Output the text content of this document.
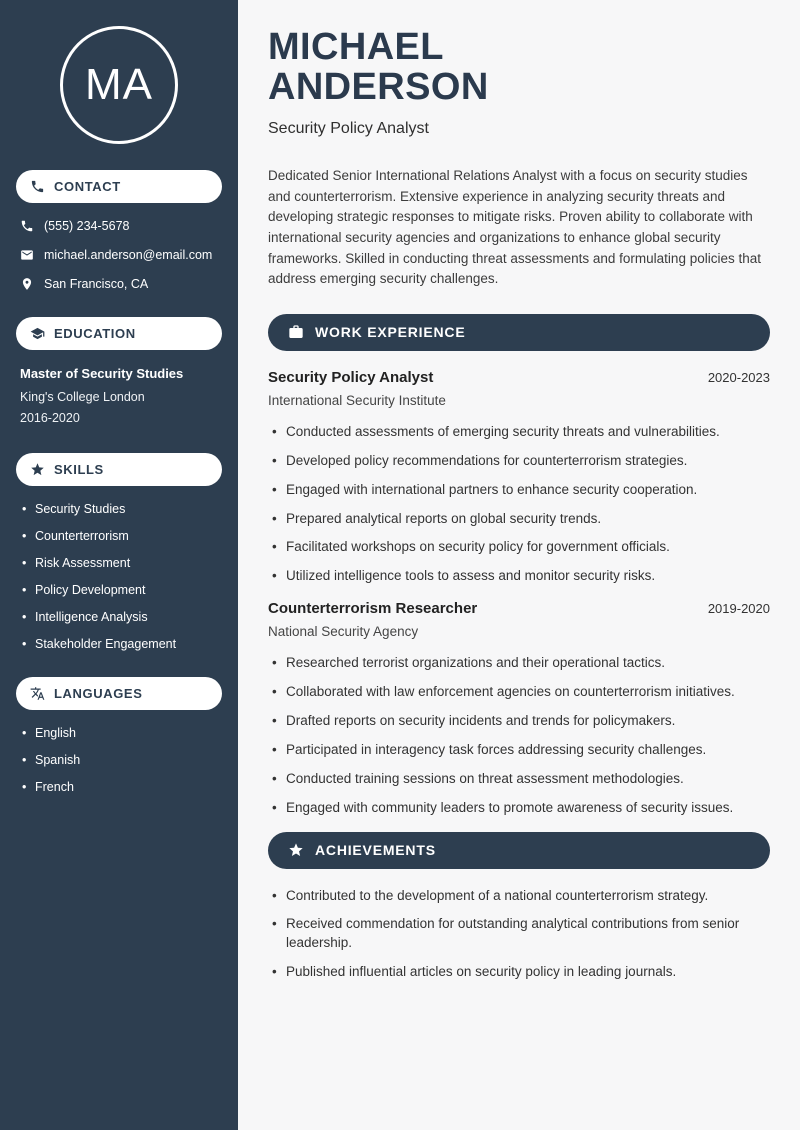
MA
CONTACT
(555) 234-5678
michael.anderson@email.com
San Francisco, CA
EDUCATION
Master of Security Studies
King's College London
2016-2020
SKILLS
• Security Studies
• Counterterrorism
• Risk Assessment
• Policy Development
• Intelligence Analysis
• Stakeholder Engagement
LANGUAGES
• English
• Spanish
• French
MICHAEL
ANDERSON
Security Policy Analyst

Dedicated Senior International Relations Analyst with a focus on security studies and counterterrorism. Extensive experience in analyzing security threats and developing strategic responses to mitigate risks. Proven ability to collaborate with international security agencies and organizations to enhance global security frameworks. Skilled in conducting threat assessments and formulating policies that address emerging security challenges.

WORK EXPERIENCE
Security Policy Analyst	2020-2023
International Security Institute
• Conducted assessments of emerging security threats and vulnerabilities.
• Developed policy recommendations for counterterrorism strategies.
• Engaged with international partners to enhance security cooperation.
• Prepared analytical reports on global security trends.
• Facilitated workshops on security policy for government officials.
• Utilized intelligence tools to assess and monitor security risks.
Counterterrorism Researcher	2019-2020
National Security Agency
• Researched terrorist organizations and their operational tactics.
• Collaborated with law enforcement agencies on counterterrorism initiatives.
• Drafted reports on security incidents and trends for policymakers.
• Participated in interagency task forces addressing security challenges.
• Conducted training sessions on threat assessment methodologies.
• Engaged with community leaders to promote awareness of security issues.
ACHIEVEMENTS
• Contributed to the development of a national counterterrorism strategy.
• Received commendation for outstanding analytical contributions from senior leadership.
• Published influential articles on security policy in leading journals.
